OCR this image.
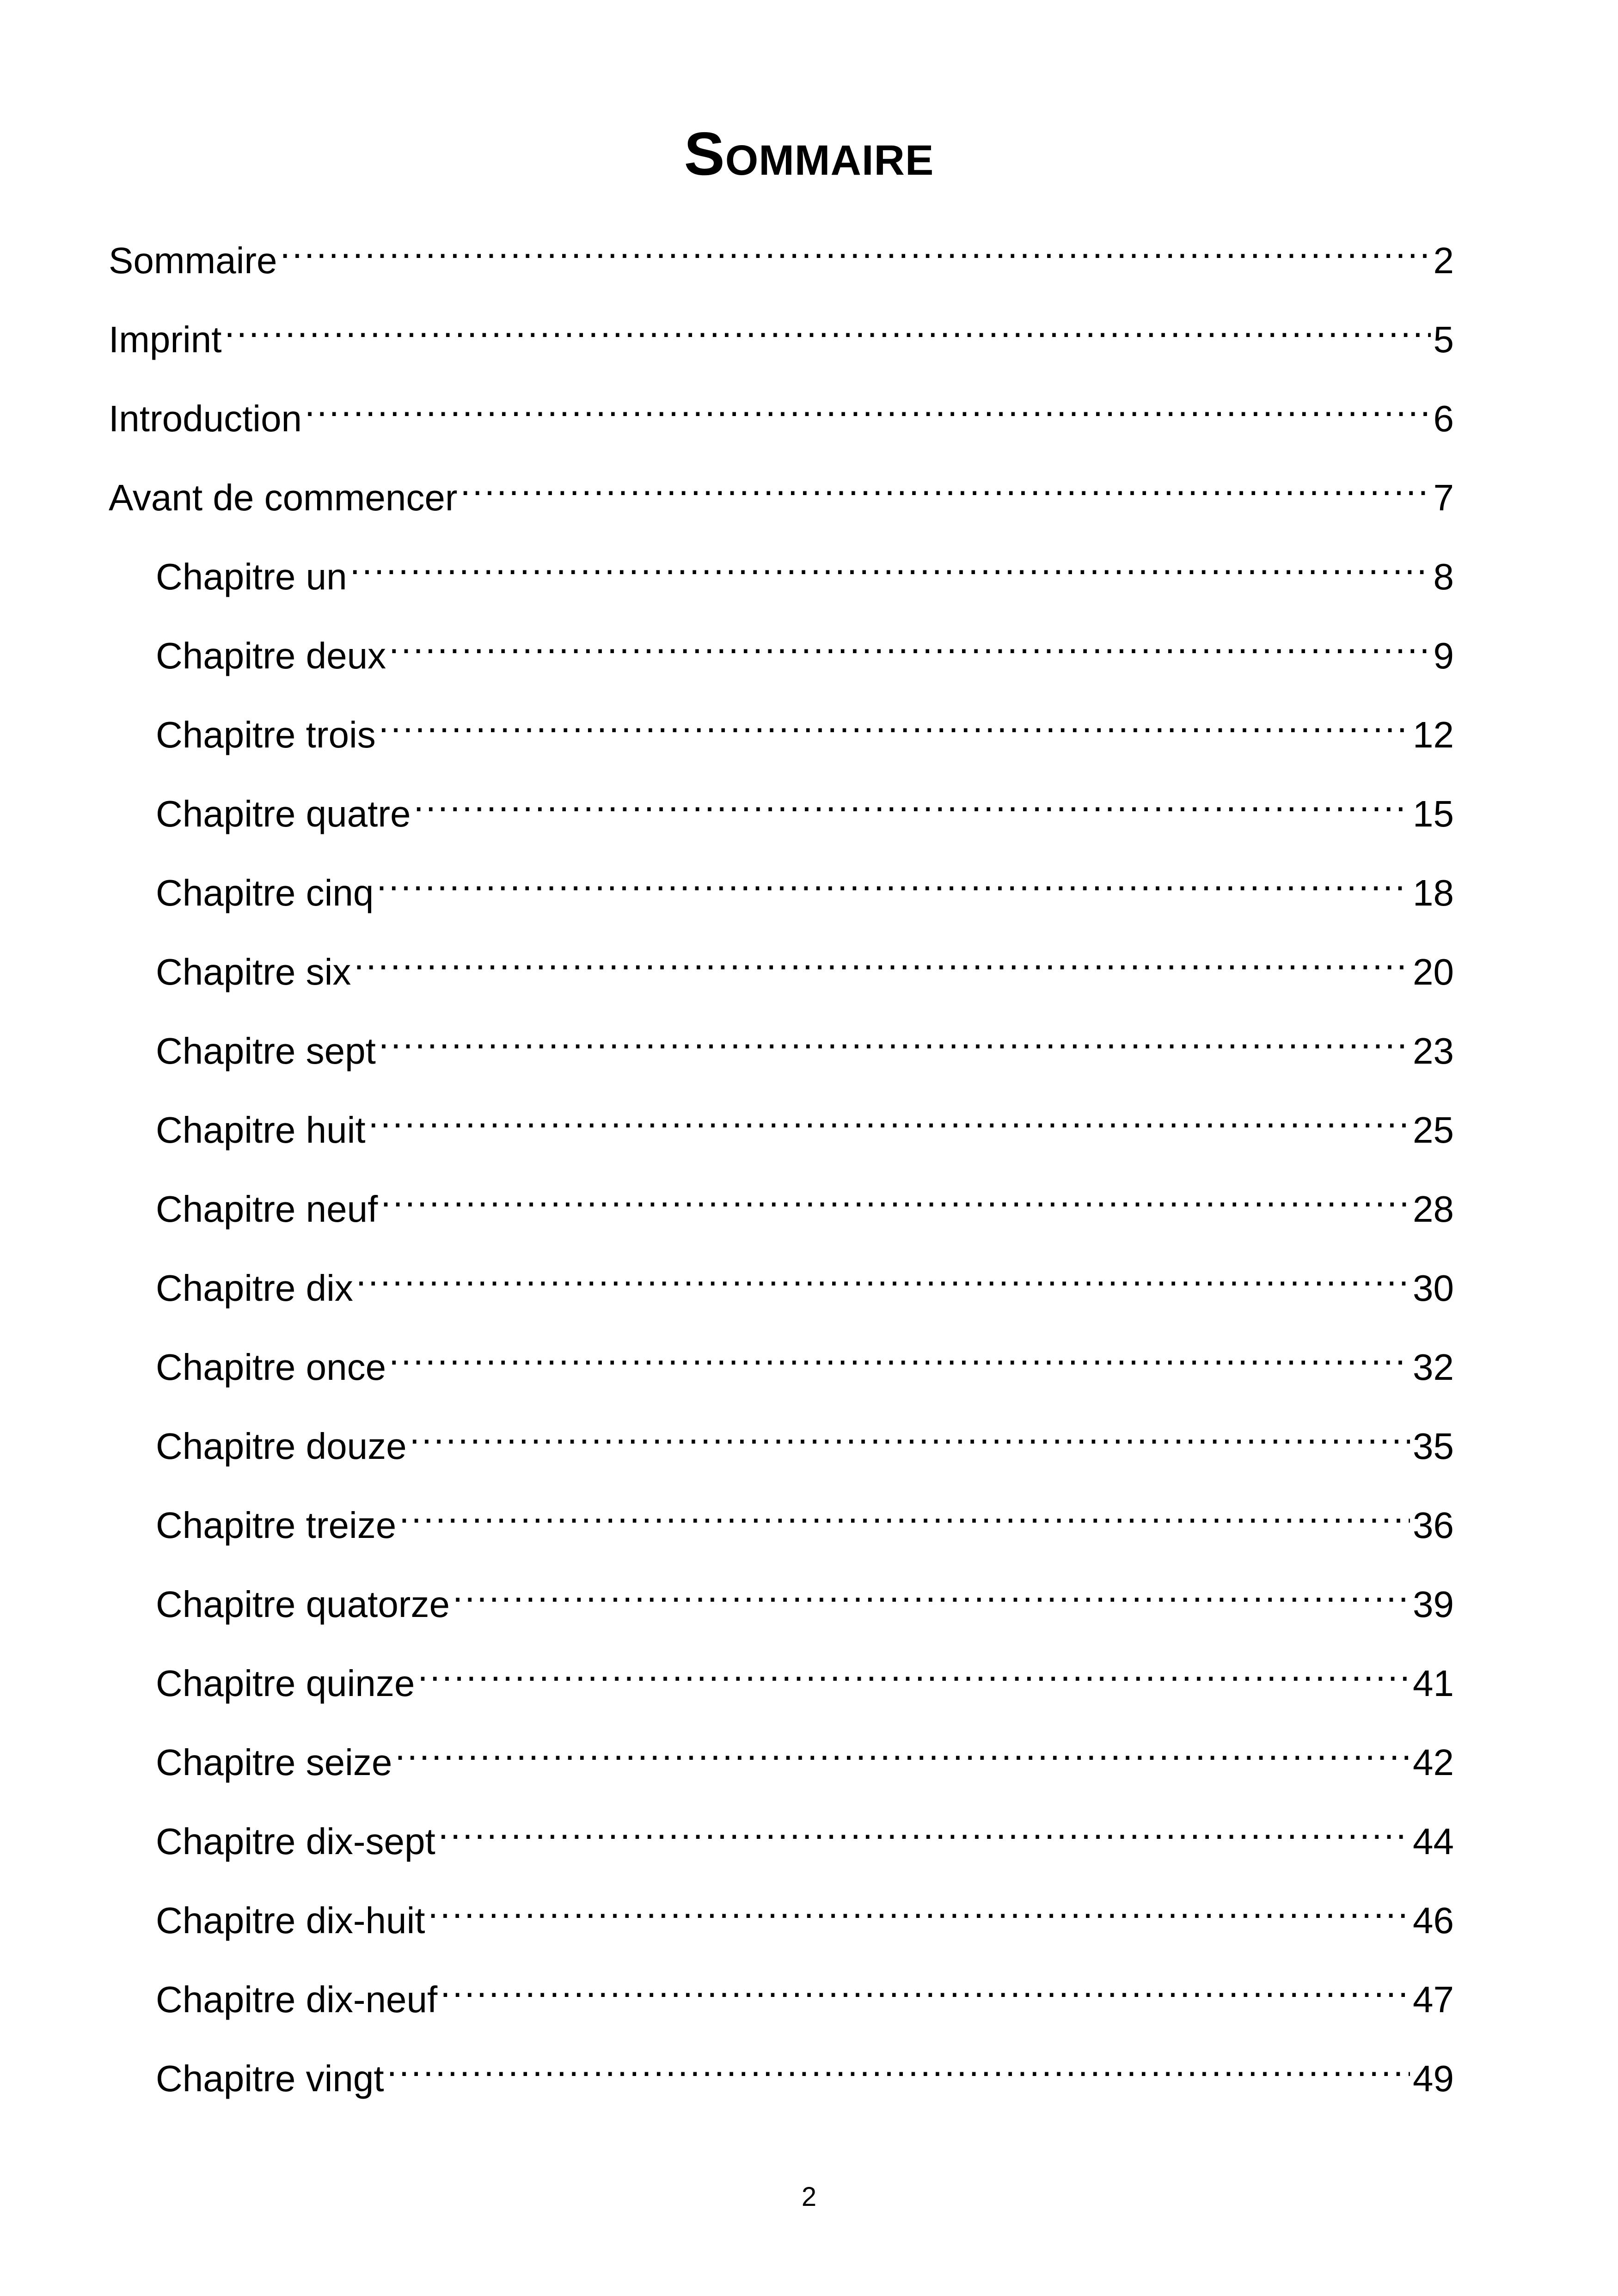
Sommaire
Sommaire .....	2
Imprint .....	5
Introduction .....	6
Avant de commencer .....	7
Chapitre un .....	8
Chapitre deux .....	9
Chapitre trois .....	12
Chapitre quatre .....	15
Chapitre cinq .....	18
Chapitre six .....	20
Chapitre sept .....	23
Chapitre huit .....	25
Chapitre neuf .....	28
Chapitre dix .....	30
Chapitre once .....	32
Chapitre douze .....	35
Chapitre treize .....	36
Chapitre quatorze .....	39
Chapitre quinze .....	41
Chapitre seize .....	42
Chapitre dix-sept .....	44
Chapitre dix-huit .....	46
Chapitre dix-neuf .....	47
Chapitre vingt .....	49
2
